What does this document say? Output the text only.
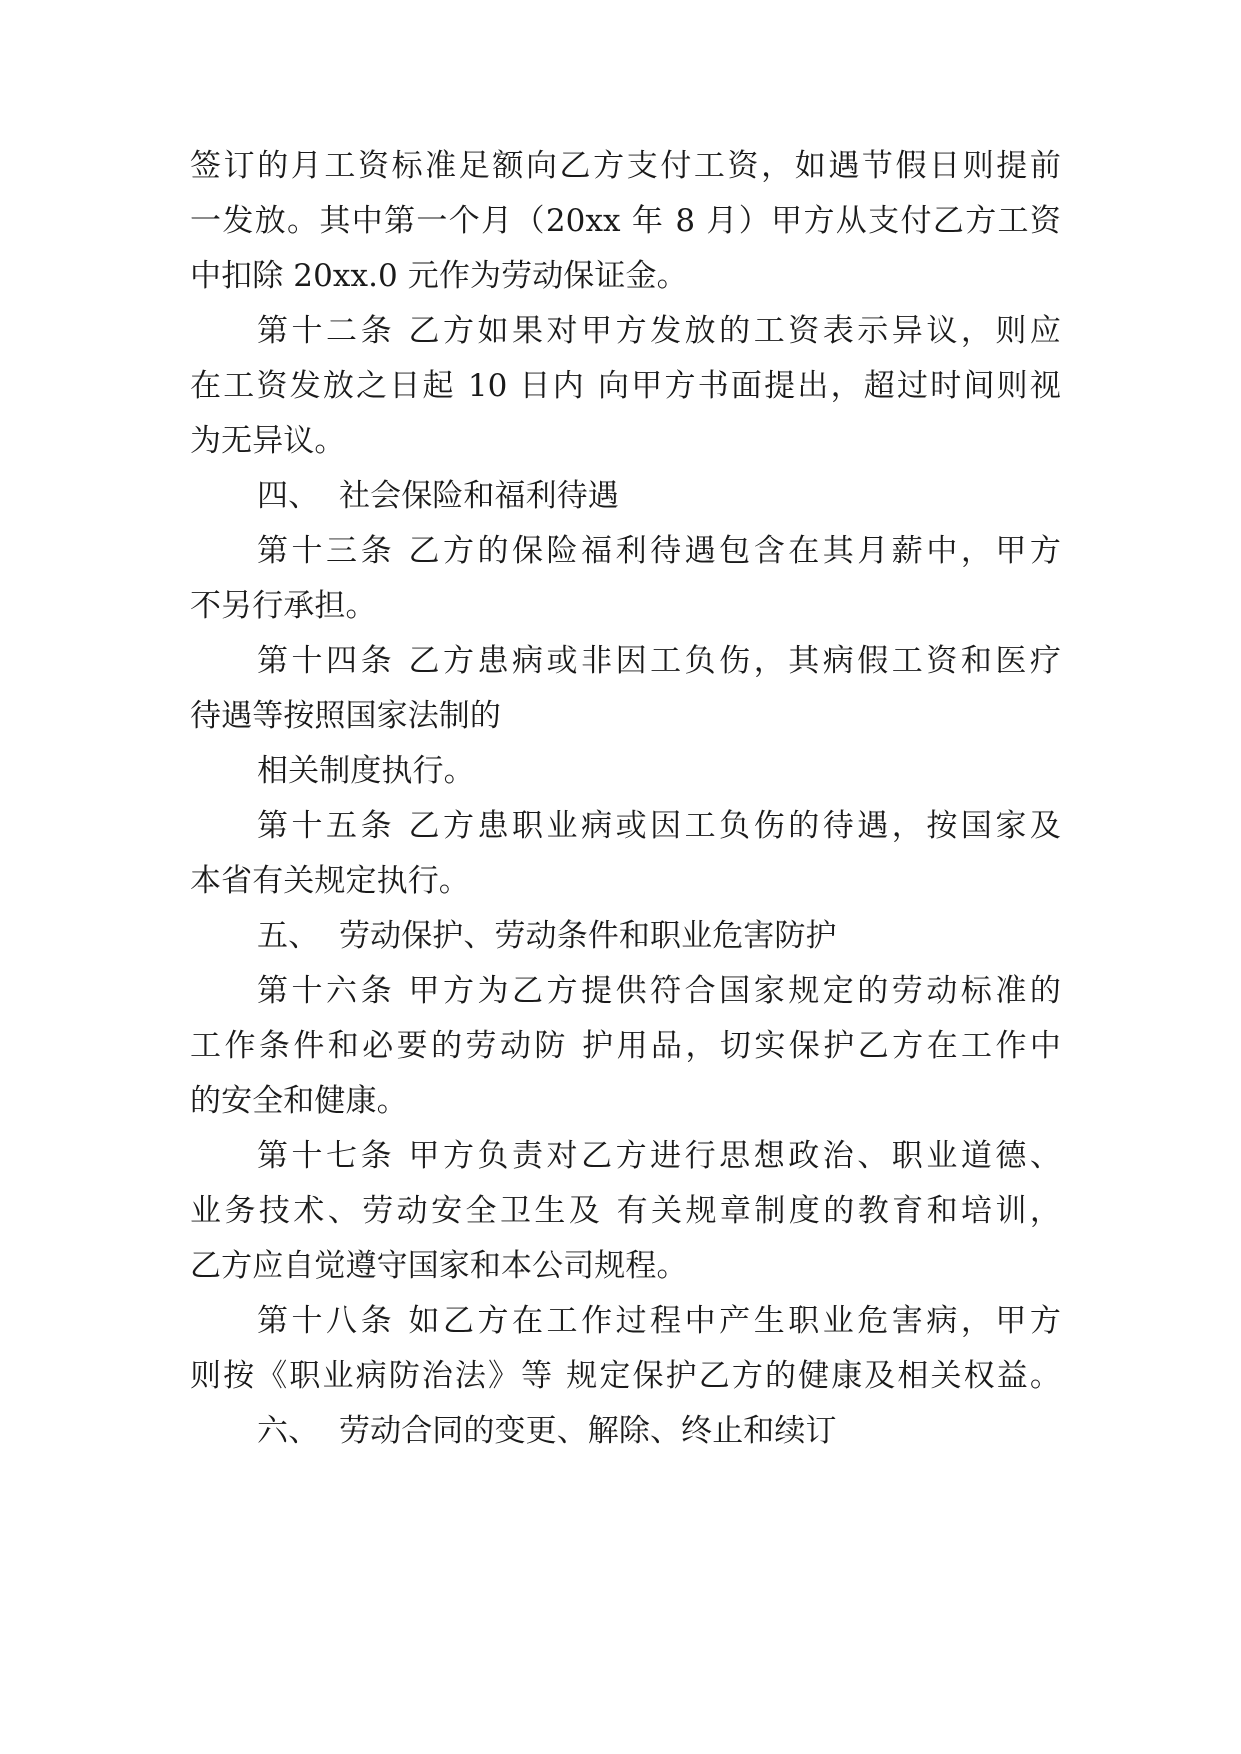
签订的月工资标准足额向乙方支付工资，如遇节假日则提前
一发放。其中第一个月（20xx 年 8 月）甲方从支付乙方工资
中扣除 20xx.0 元作为劳动保证金。
第十二条 乙方如果对甲方发放的工资表示异议，则应
在工资发放之日起 10 日内 向甲方书面提出，超过时间则视
为无异议。
四、 社会保险和福利待遇
第十三条 乙方的保险福利待遇包含在其月薪中，甲方
不另行承担。
第十四条 乙方患病或非因工负伤，其病假工资和医疗
待遇等按照国家法制的
相关制度执行。
第十五条 乙方患职业病或因工负伤的待遇，按国家及
本省有关规定执行。
五、 劳动保护、劳动条件和职业危害防护
第十六条 甲方为乙方提供符合国家规定的劳动标准的
工作条件和必要的劳动防 护用品，切实保护乙方在工作中
的安全和健康。
第十七条 甲方负责对乙方进行思想政治、职业道德、
业务技术、劳动安全卫生及 有关规章制度的教育和培训，
乙方应自觉遵守国家和本公司规程。
第十八条 如乙方在工作过程中产生职业危害病，甲方
则按《职业病防治法》等 规定保护乙方的健康及相关权益。
六、 劳动合同的变更、解除、终止和续订
